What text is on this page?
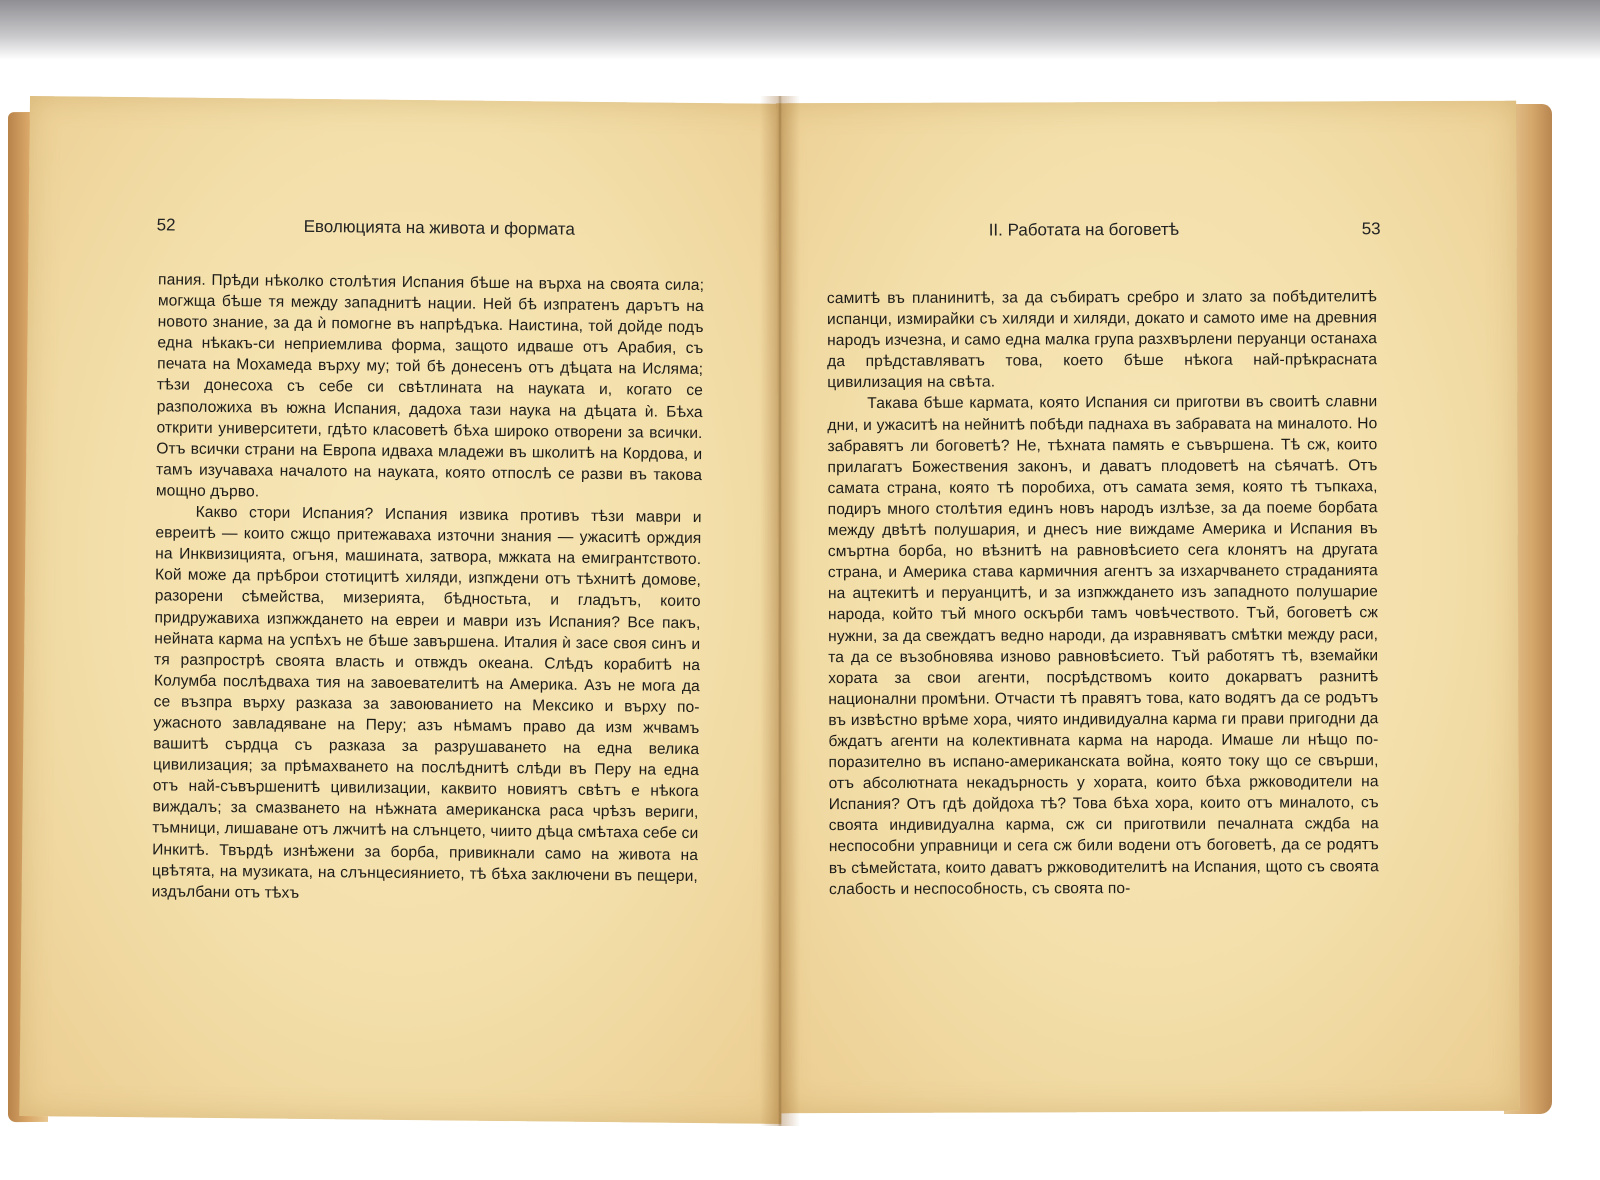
52	Еволюцията на живота и формата

пания. Прѣди нѣколко столѣтия Испания бѣше на върха на своята сила; могжща бѣше тя между западнитѣ нации. Ней бѣ изпратенъ дарътъ на новото знание, за да ѝ помогне въ напрѣдъка. Наистина, той дойде подъ една нѣкакъ-си неприемлива форма, защото идваше отъ Арабия, съ печата на Мохамеда върху му; той бѣ донесенъ отъ дѣцата на Исляма; тѣзи донесоха съ себе си свѣтлината на науката и, когато се разположиха въ южна Испания, дадоха тази наука на дѣцата ѝ. Бѣха открити университети, гдѣто класоветѣ бѣха широко отворени за всички. Отъ всички страни на Европа идваха младежи въ школитѣ на Кордова, и тамъ изучаваха началото на науката, която отпослѣ се разви въ такова мощно дърво.

Какво стори Испания? Испания извика противъ тѣзи маври и евреитѣ — които сжщо притежаваха източни знания — ужаситѣ орждия на Инквизицията, огъня, машината, затвора, мжката на емигрантството. Кой може да прѣброи стотицитѣ хиляди, изпждени отъ тѣхнитѣ домове, разорени сѣмейства, мизерията, бѣдностьта, и гладътъ, които придружавиха изпжждането на евреи и маври изъ Испания? Все пакъ, нейната карма на успѣхъ не бѣше завършена. Италия ѝ засе своя синъ и тя разпрострѣ своята власть и отвждъ океана. Слѣдъ корабитѣ на Колумба послѣдваха тия на завоевателитѣ на Америка. Азъ не мога да се възпра върху разказа за завоюванието на Мексико и върху по-ужасното завладяване на Перу; азъ нѣмамъ право да изм жчвамъ вашитѣ сърдца съ разказа за разрушаването на една велика цивилизация; за прѣмахването на послѣднитѣ слѣди въ Перу на една отъ най-съвършенитѣ цивилизации, каквито новиятъ свѣтъ е нѣкога виждалъ; за смазването на нѣжната американска раса чрѣзъ вериги, тъмници, лишаване отъ лжчитѣ на слънцето, чиито дѣца смѣтаха себе си Инкитѣ. Твърдѣ изнѣжени за борба, привикнали само на живота на цвѣтята, на музиката, на слънцесиянието, тѣ бѣха заключени въ пещери, издълбани отъ тѣхъ

II. Работата на боговетѣ	53

самитѣ въ планинитѣ, за да събиратъ сребро и злато за побѣдителитѣ испанци, измирайки съ хиляди и хиляди, докато и самото име на древния народъ изчезна, и само една малка група разхвърлени перуанци останаха да прѣдставляватъ това, което бѣше нѣкога най-прѣкрасната цивилизация на свѣта.

Такава бѣше кармата, която Испания си приготви въ своитѣ славни дни, и ужаситѣ на нейнитѣ побѣди паднаха въ забравата на миналото. Но забравятъ ли боговетѣ? Не, тѣхната память е съвършена. Тѣ сж, които прилагатъ Божествения законъ, и даватъ плодоветѣ на сѣячатѣ. Отъ самата страна, която тѣ поробиха, отъ самата земя, която тѣ тъпкаха, подиръ много столѣтия единъ новъ народъ излѣзе, за да поеме борбата между двѣтѣ полушария, и днесъ ние виждаме Америка и Испания въ смъртна борба, но вѣзнитѣ на равновѣсието сега клонятъ на другата страна, и Америка става кармичния агентъ за изхарчването страданията на ацтекитѣ и перуанцитѣ, и за изпжждането изъ западното полушарие народа, който тъй много оскърби тамъ човѣчеството. Тъй, боговетѣ сж нужни, за да свеждатъ ведно народи, да изравняватъ смѣтки между раси, та да се възобновява изново равновѣсието. Тъй работятъ тѣ, вземайки хората за свои агенти, посрѣдствомъ които докарватъ разнитѣ национални промѣни. Отчасти тѣ правятъ това, като водятъ да се родътъ въ извѣстно врѣме хора, чиято индивидуална карма ги прави пригодни да бждатъ агенти на колективната карма на народа. Имаше ли нѣщо по-поразително въ испано-американската война, която току що се свърши, отъ абсолютната некадърность у хората, които бѣха ржководители на Испания? Отъ гдѣ дойдоха тѣ? Това бѣха хора, които отъ миналото, съ своята индивидуална карма, сж си приготвили печалната сждба на неспособни управници и сега сж били водени отъ боговетѣ, да се родятъ въ сѣмейстата, които даватъ ржководителитѣ на Испания, щото съ своята слабость и неспособность, съ своята по-
